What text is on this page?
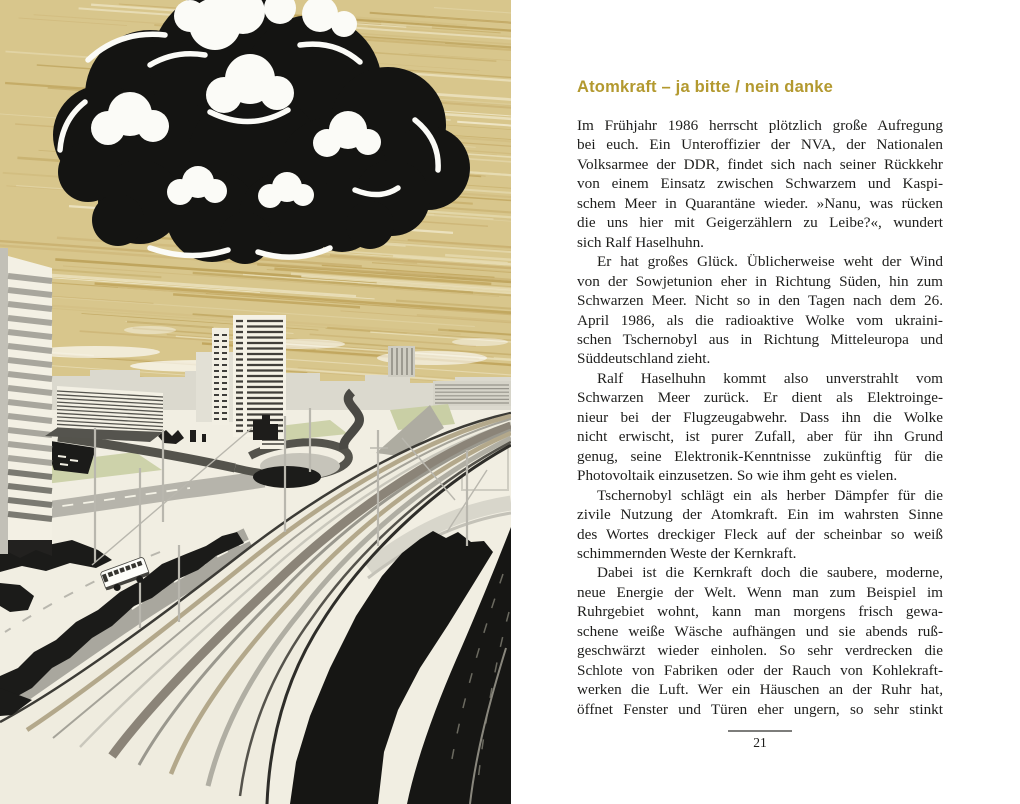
Atomkraft – ja bitte / nein danke
Im Frühjahr 1986 herrscht plötzlich große Aufregung
bei euch. Ein Unteroffizier der NVA, der Nationalen
Volksarmee der DDR, findet sich nach seiner Rückkehr
von einem Einsatz zwischen Schwarzem und Kaspi-
schem Meer in Quarantäne wieder. »Nanu, was rücken
die uns hier mit Geigerzählern zu Leibe?«, wundert
sich Ralf Haselhuhn.
Er hat großes Glück. Üblicherweise weht der Wind
von der Sowjetunion eher in Richtung Süden, hin zum
Schwarzen Meer. Nicht so in den Tagen nach dem 26.
April 1986, als die radioaktive Wolke vom ukraini-
schen Tschernobyl aus in Richtung Mitteleuropa und
Süddeutschland zieht.
Ralf Haselhuhn kommt also unverstrahlt vom
Schwarzen Meer zurück. Er dient als Elektroinge-
nieur bei der Flugzeugabwehr. Dass ihn die Wolke
nicht erwischt, ist purer Zufall, aber für ihn Grund
genug, seine Elektronik-Kenntnisse zukünftig für die
Photovoltaik einzusetzen. So wie ihm geht es vielen.
Tschernobyl schlägt ein als herber Dämpfer für die
zivile Nutzung der Atomkraft. Ein im wahrsten Sinne
des Wortes dreckiger Fleck auf der scheinbar so weiß
schimmernden Weste der Kernkraft.
Dabei ist die Kernkraft doch die saubere, moderne,
neue Energie der Welt. Wenn man zum Beispiel im
Ruhrgebiet wohnt, kann man morgens frisch gewa-
schene weiße Wäsche aufhängen und sie abends ruß-
geschwärzt wieder einholen. So sehr verdrecken die
Schlote von Fabriken oder der Rauch von Kohlekraft-
werken die Luft. Wer ein Häuschen an der Ruhr hat,
öffnet Fenster und Türen eher ungern, so sehr stinkt
21
